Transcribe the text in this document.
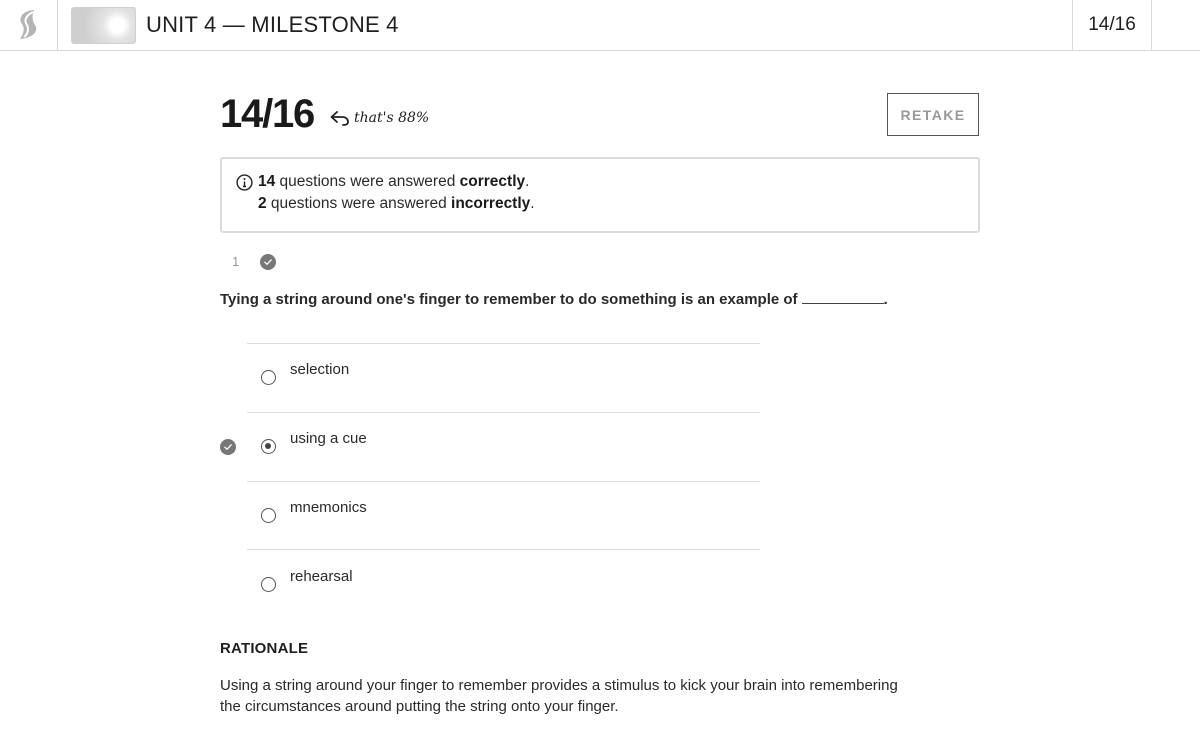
UNIT 4 — MILESTONE 4	14/16
14/16	that's 88%	RETAKE
14 questions were answered correctly.
2 questions were answered incorrectly.
1
Tying a string around one's finger to remember to do something is an example of	.
selection
using a cue
mnemonics
rehearsal
RATIONALE
Using a string around your finger to remember provides a stimulus to kick your brain into remembering the circumstances around putting the string onto your finger.
